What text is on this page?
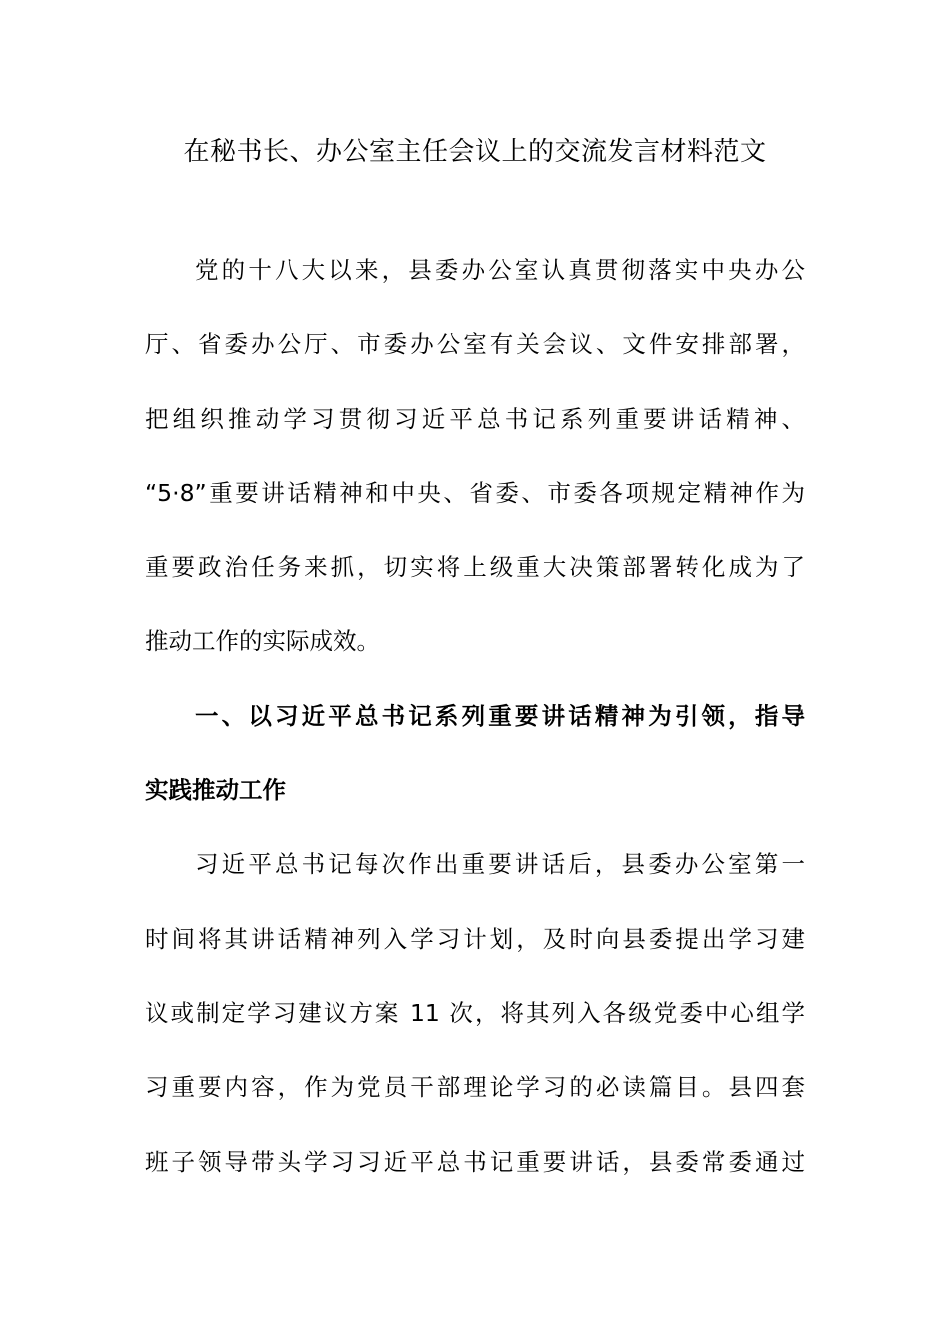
在秘书长、办公室主任会议上的交流发言材料范文
党的十八大以来，县委办公室认真贯彻落实中央办公
厅、省委办公厅、市委办公室有关会议、文件安排部署，
把组织推动学习贯彻习近平总书记系列重要讲话精神、
“5·8”重要讲话精神和中央、省委、市委各项规定精神作为
重要政治任务来抓，切实将上级重大决策部署转化成为了
推动工作的实际成效。
一、以习近平总书记系列重要讲话精神为引领，指导
实践推动工作
习近平总书记每次作出重要讲话后，县委办公室第一
时间将其讲话精神列入学习计划，及时向县委提出学习建
议或制定学习建议方案 11 次，将其列入各级党委中心组学
习重要内容，作为党员干部理论学习的必读篇目。县四套
班子领导带头学习习近平总书记重要讲话，县委常委通过
